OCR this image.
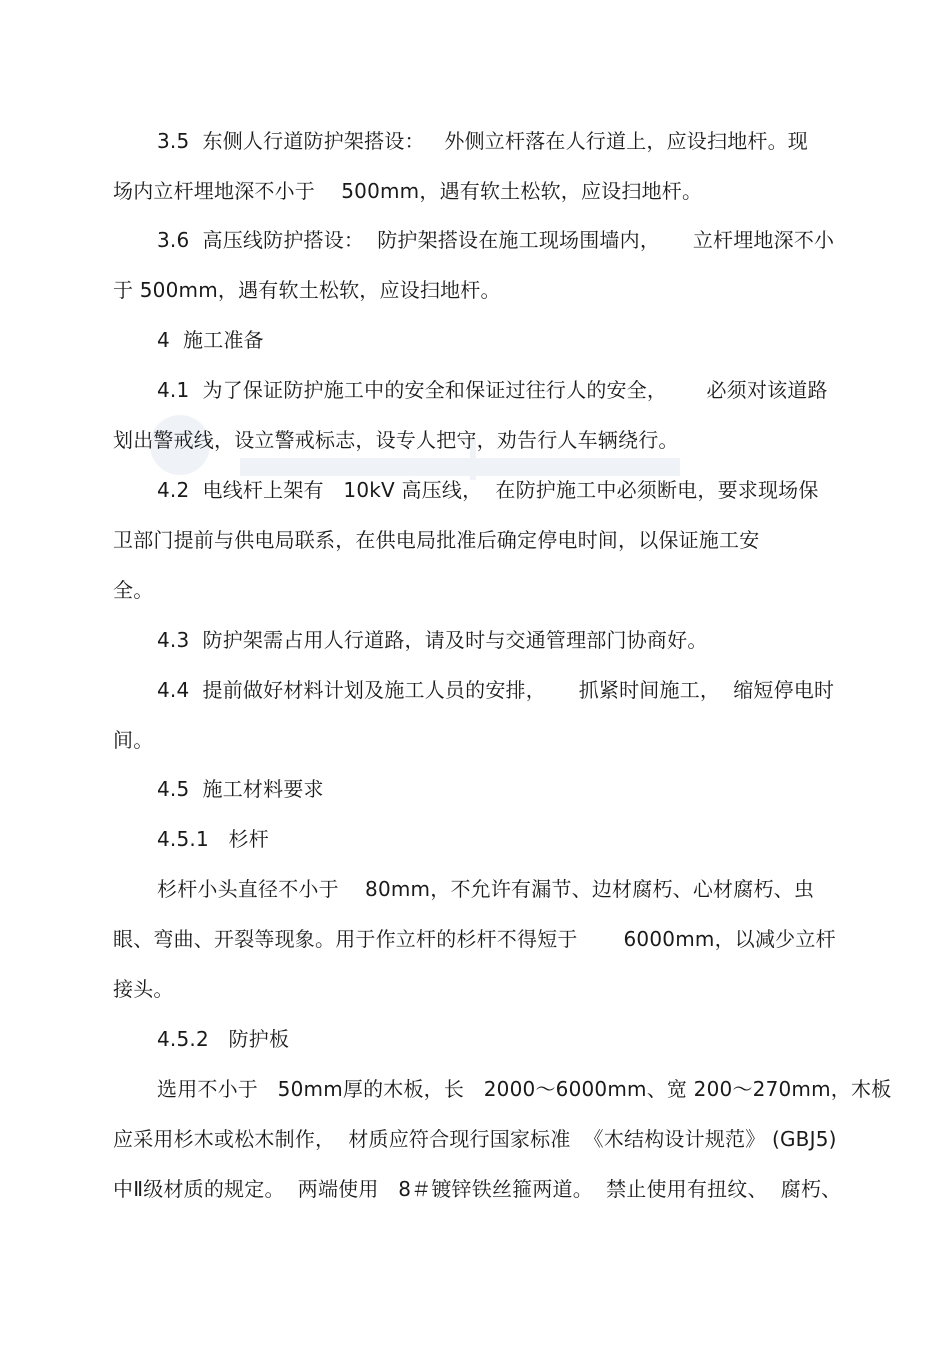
3.5  东侧人行道防护架搭设：   外侧立杆落在人行道上，应设扫地杆。现
场内立杆埋地深不小于    500mm，遇有软土松软，应设扫地杆。
3.6  高压线防护搭设：  防护架搭设在施工现场围墙内，     立杆埋地深不小
于 500mm，遇有软土松软，应设扫地杆。
4  施工准备
4.1  为了保证防护施工中的安全和保证过往行人的安全，      必须对该道路
划出警戒线，设立警戒标志，设专人把守，劝告行人车辆绕行。
4.2  电线杆上架有   10kV 高压线，  在防护施工中必须断电，要求现场保
卫部门提前与供电局联系，在供电局批准后确定停电时间，以保证施工安
全。
4.3  防护架需占用人行道路，请及时与交通管理部门协商好。
4.4  提前做好材料计划及施工人员的安排，     抓紧时间施工，  缩短停电时
间。
4.5  施工材料要求
4.5.1   杉杆
杉杆小头直径不小于    80mm，不允许有漏节、边材腐朽、心材腐朽、虫
眼、弯曲、开裂等现象。用于作立杆的杉杆不得短于       6000mm，以减少立杆
接头。
4.5.2   防护板
选用不小于   50mm厚的木板，长   2000～6000mm、宽 200～270mm，木板
应采用杉木或松木制作，  材质应符合现行国家标准  《木结构设计规范》 (GBJ5)
中Ⅱ级材质的规定。  两端使用   8＃镀锌铁丝箍两道。  禁止使用有扭纹、  腐朽、
